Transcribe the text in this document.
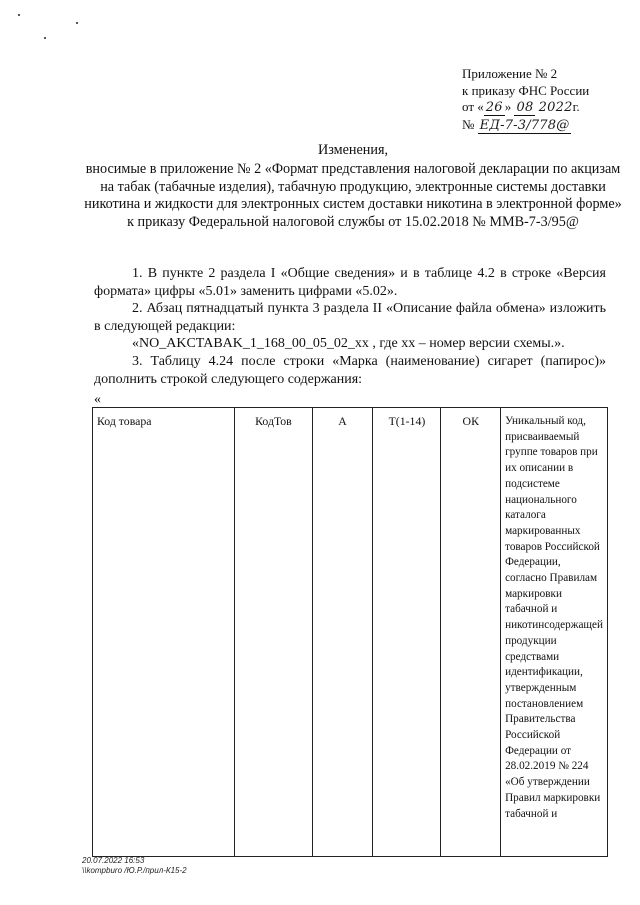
Приложение № 2
к приказу ФНС России
от « 26 » 08 2022г.
№ ЕД-7-3/778@
Изменения,
вносимые в приложение № 2 «Формат представления налоговой декларации по акцизам на табак (табачные изделия), табачную продукцию, электронные системы доставки никотина и жидкости для электронных систем доставки никотина в электронной форме» к приказу Федеральной налоговой службы от 15.02.2018 № ММВ-7-3/95@

1. В пункте 2 раздела I «Общие сведения» и в таблице 4.2 в строке «Версия формата» цифры «5.01» заменить цифрами «5.02».

2. Абзац пятнадцатый пункта 3 раздела II «Описание файла обмена» изложить в следующей редакции:

«NO_AKCTABAK_1_168_00_05_02_xx , где хх – номер версии схемы.».

3. Таблицу 4.24 после строки «Марка (наименование) сигарет (папирос)» дополнить строкой следующего содержания:

«
Код товара	КодТов	А	T(1-14)	ОК	Уникальный код, присваиваемый группе товаров при их описании в подсистеме национального каталога маркированных товаров Российской Федерации, согласно Правилам маркировки табачной и никотинсодержащей продукции средствами идентификации, утвержденным постановлением Правительства Российской Федерации от 28.02.2019 № 224 «Об утверждении Правил маркировки табачной и
20.07.2022 16:53
\\kompburo /Ю.Р./прил-К15-2
